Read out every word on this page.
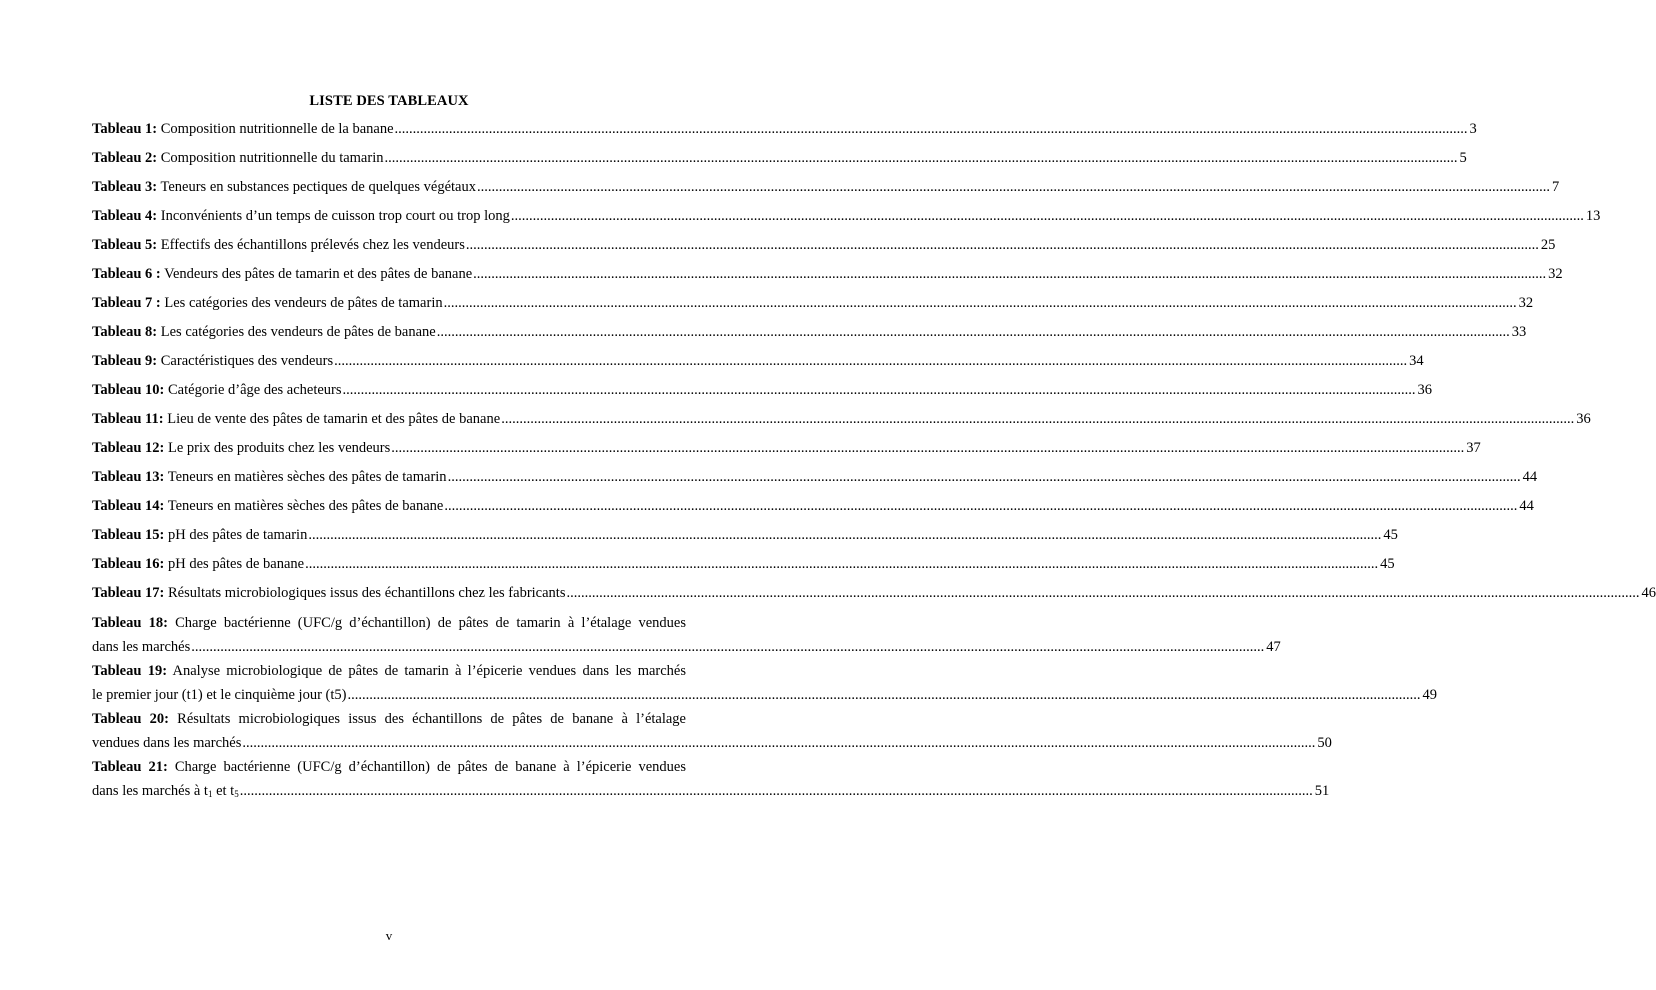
LISTE DES TABLEAUX
Tableau 1: Composition nutritionnelle de la banane .....	3
Tableau 2: Composition nutritionnelle du tamarin .....	5
Tableau 3: Teneurs en substances pectiques de quelques végétaux .....	7
Tableau 4: Inconvénients d’un temps de cuisson trop court ou trop long .....	13
Tableau 5: Effectifs des échantillons prélevés chez les vendeurs .....	25
Tableau 6 : Vendeurs des pâtes de tamarin et des pâtes de banane .....	32
Tableau 7 : Les catégories des vendeurs de pâtes de tamarin .....	32
Tableau 8: Les catégories des vendeurs de pâtes de banane .....	33
Tableau 9: Caractéristiques des vendeurs .....	34
Tableau 10: Catégorie d’âge des acheteurs .....	36
Tableau 11: Lieu de vente des pâtes de tamarin et des pâtes de banane .....	36
Tableau 12: Le prix des produits chez les vendeurs .....	37
Tableau 13: Teneurs en matières sèches des pâtes de tamarin .....	44
Tableau 14: Teneurs en matières sèches des pâtes de banane .....	44
Tableau 15: pH des pâtes de tamarin .....	45
Tableau 16: pH des pâtes de banane .....	45
Tableau 17: Résultats microbiologiques issus des échantillons chez les fabricants .....	46
Tableau 18: Charge bactérienne (UFC/g d’échantillon) de pâtes de tamarin à l’étalage vendues
dans les marchés .....	47
Tableau 19: Analyse microbiologique de pâtes de tamarin à l’épicerie vendues dans les marchés
le premier jour (t1) et le cinquième jour (t5) .....	49
Tableau 20: Résultats microbiologiques issus des échantillons de pâtes de banane à l’étalage
vendues dans les marchés .....	50
Tableau 21: Charge bactérienne (UFC/g d’échantillon) de pâtes de banane à l’épicerie vendues
dans les marchés à $t_1$ et $t_5$ .....	51
v
